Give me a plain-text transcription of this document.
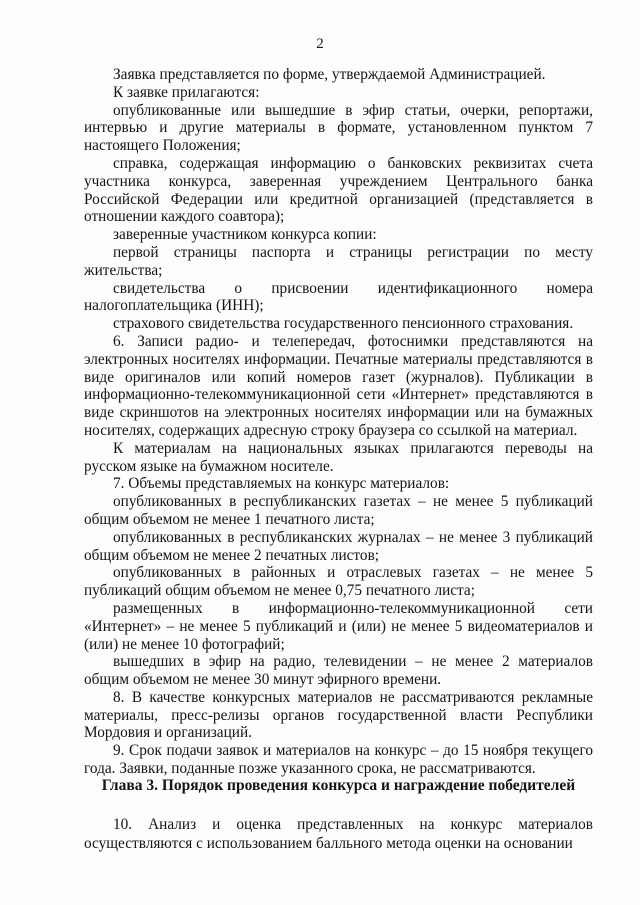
2

Заявка представляется по форме, утверждаемой Администрацией.

К заявке прилагаются:

опубликованные или вышедшие в эфир статьи, очерки, репортажи, интервью и другие материалы в формате, установленном пунктом 7 настоящего Положения;

справка, содержащая информацию о банковских реквизитах счета участника конкурса, заверенная учреждением Центрального банка Российской Федерации или кредитной организацией (представляется в отношении каждого соавтора);

заверенные участником конкурса копии:

первой страницы паспорта и страницы регистрации по месту жительства;

свидетельства о присвоении идентификационного номера налогоплательщика (ИНН);

страхового свидетельства государственного пенсионного страхования.

6. Записи радио- и телепередач, фотоснимки представляются на электронных носителях информации. Печатные материалы представляются в виде оригиналов или копий номеров газет (журналов). Публикации в информационно-телекоммуникационной сети «Интернет» представляются в виде скриншотов на электронных носителях информации или на бумажных носителях, содержащих адресную строку браузера со ссылкой на материал.

К материалам на национальных языках прилагаются переводы на русском языке на бумажном носителе.

7. Объемы представляемых на конкурс материалов:

опубликованных в республиканских газетах – не менее 5 публикаций общим объемом не менее 1 печатного листа;

опубликованных в республиканских журналах – не менее 3 публикаций общим объемом не менее 2 печатных листов;

опубликованных в районных и отраслевых газетах – не менее 5 публикаций общим объемом не менее 0,75 печатного листа;

размещенных в информационно-телекоммуникационной сети «Интернет» – не менее 5 публикаций и (или) не менее 5 видеоматериалов и (или) не менее 10 фотографий;

вышедших в эфир на радио, телевидении – не менее 2 материалов общим объемом не менее 30 минут эфирного времени.

8. В качестве конкурсных материалов не рассматриваются рекламные материалы, пресс-релизы органов государственной власти Республики Мордовия и организаций.

9. Срок подачи заявок и материалов на конкурс – до 15 ноября текущего года. Заявки, поданные позже указанного срока, не рассматриваются.

Глава 3. Порядок проведения конкурса и награждение победителей

10. Анализ и оценка представленных на конкурс материалов осуществляются с использованием балльного метода оценки на основании
